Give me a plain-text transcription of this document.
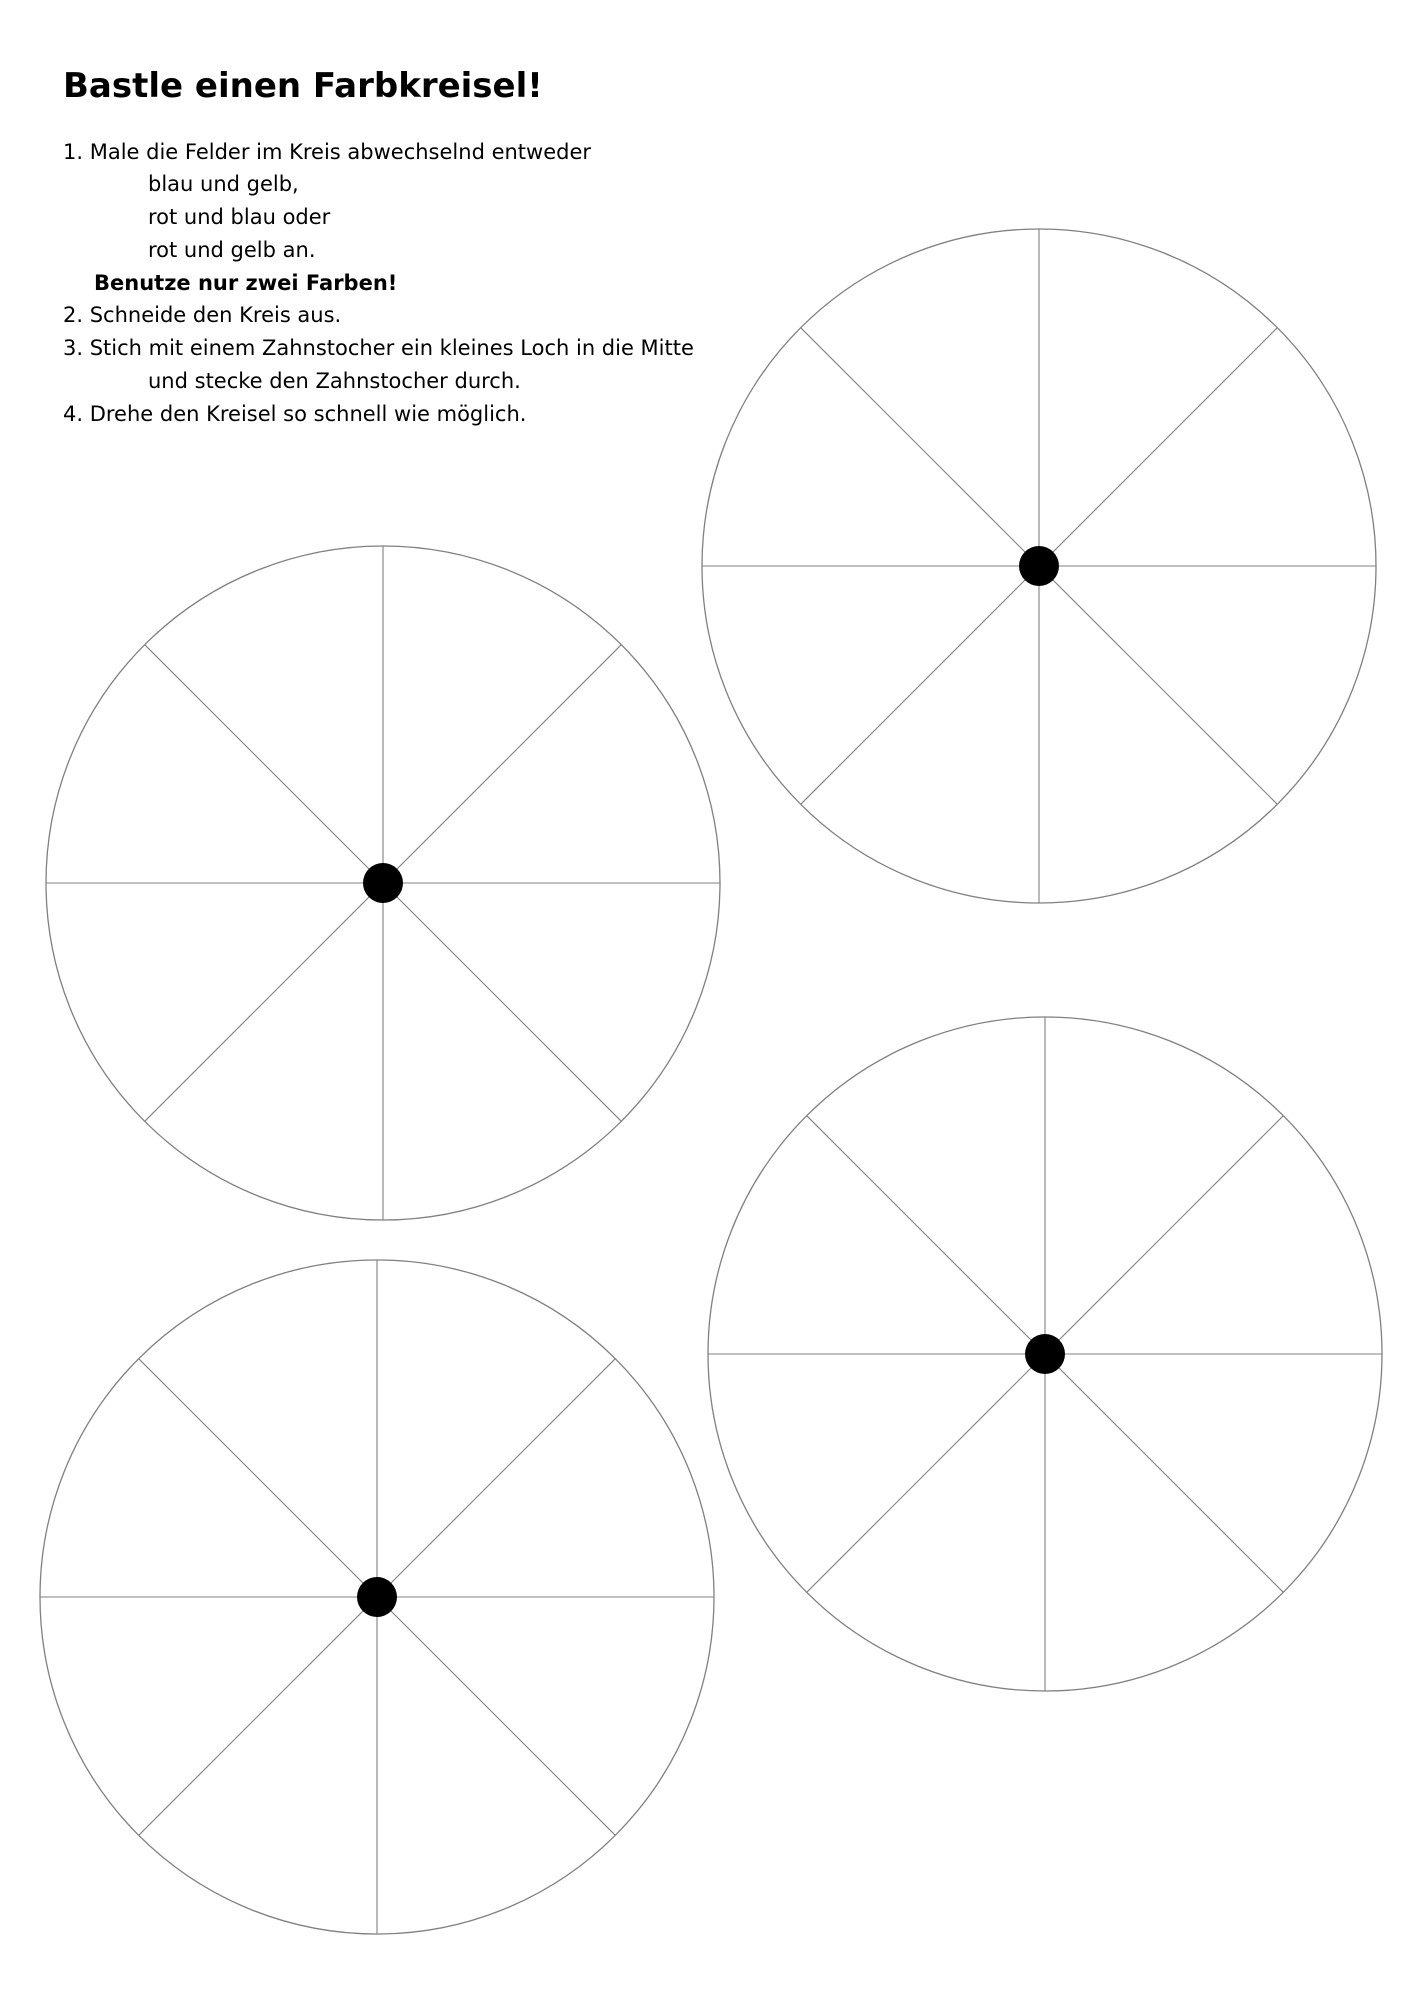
Bastle einen Farbkreisel!
1. Male die Felder im Kreis abwechselnd entweder
blau und gelb,
rot und blau oder
rot und gelb an.
Benutze nur zwei Farben!
2. Schneide den Kreis aus.
3. Stich mit einem Zahnstocher ein kleines Loch in die Mitte
und stecke den Zahnstocher durch.
4. Drehe den Kreisel so schnell wie möglich.
